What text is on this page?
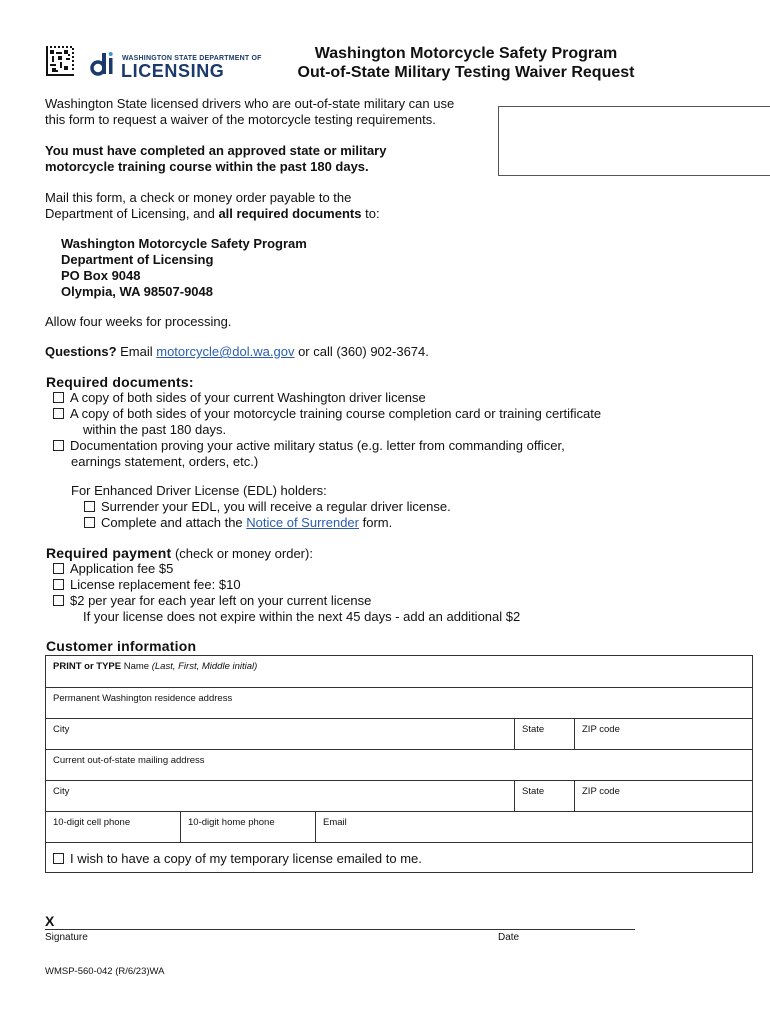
WASHINGTON STATE DEPARTMENT OF
LICENSING
Washington Motorcycle Safety Program
Out-of-State Military Testing Waiver Request
Washington State licensed drivers who are out-of-state military can use
this form to request a waiver of the motorcycle testing requirements.
You must have completed an approved state or military
motorcycle training course within the past 180 days.
Mail this form, a check or money order payable to the
Department of Licensing, and all required documents to:
Washington Motorcycle Safety Program
Department of Licensing
PO Box 9048
Olympia, WA 98507-9048
Allow four weeks for processing.
Questions? Email motorcycle@dol.wa.gov or call (360) 902-3674.
Required documents:
A copy of both sides of your current Washington driver license
A copy of both sides of your motorcycle training course completion card or training certificate
within the past 180 days.
Documentation proving your active military status (e.g. letter from commanding officer,
earnings statement, orders, etc.)
For Enhanced Driver License (EDL) holders:
Surrender your EDL, you will receive a regular driver license.
Complete and attach the Notice of Surrender form.
Required payment (check or money order):
Application fee $5
License replacement fee: $10
$2 per year for each year left on your current license
If your license does not expire within the next 45 days - add an additional $2
Customer information
PRINT or TYPE Name (Last, First, Middle initial)
Permanent Washington residence address
City	State	ZIP code
Current out-of-state mailing address
City	State	ZIP code
10-digit cell phone	10-digit home phone	Email
I wish to have a copy of my temporary license emailed to me.
X
Signature	Date
WMSP-560-042 (R/6/23)WA
